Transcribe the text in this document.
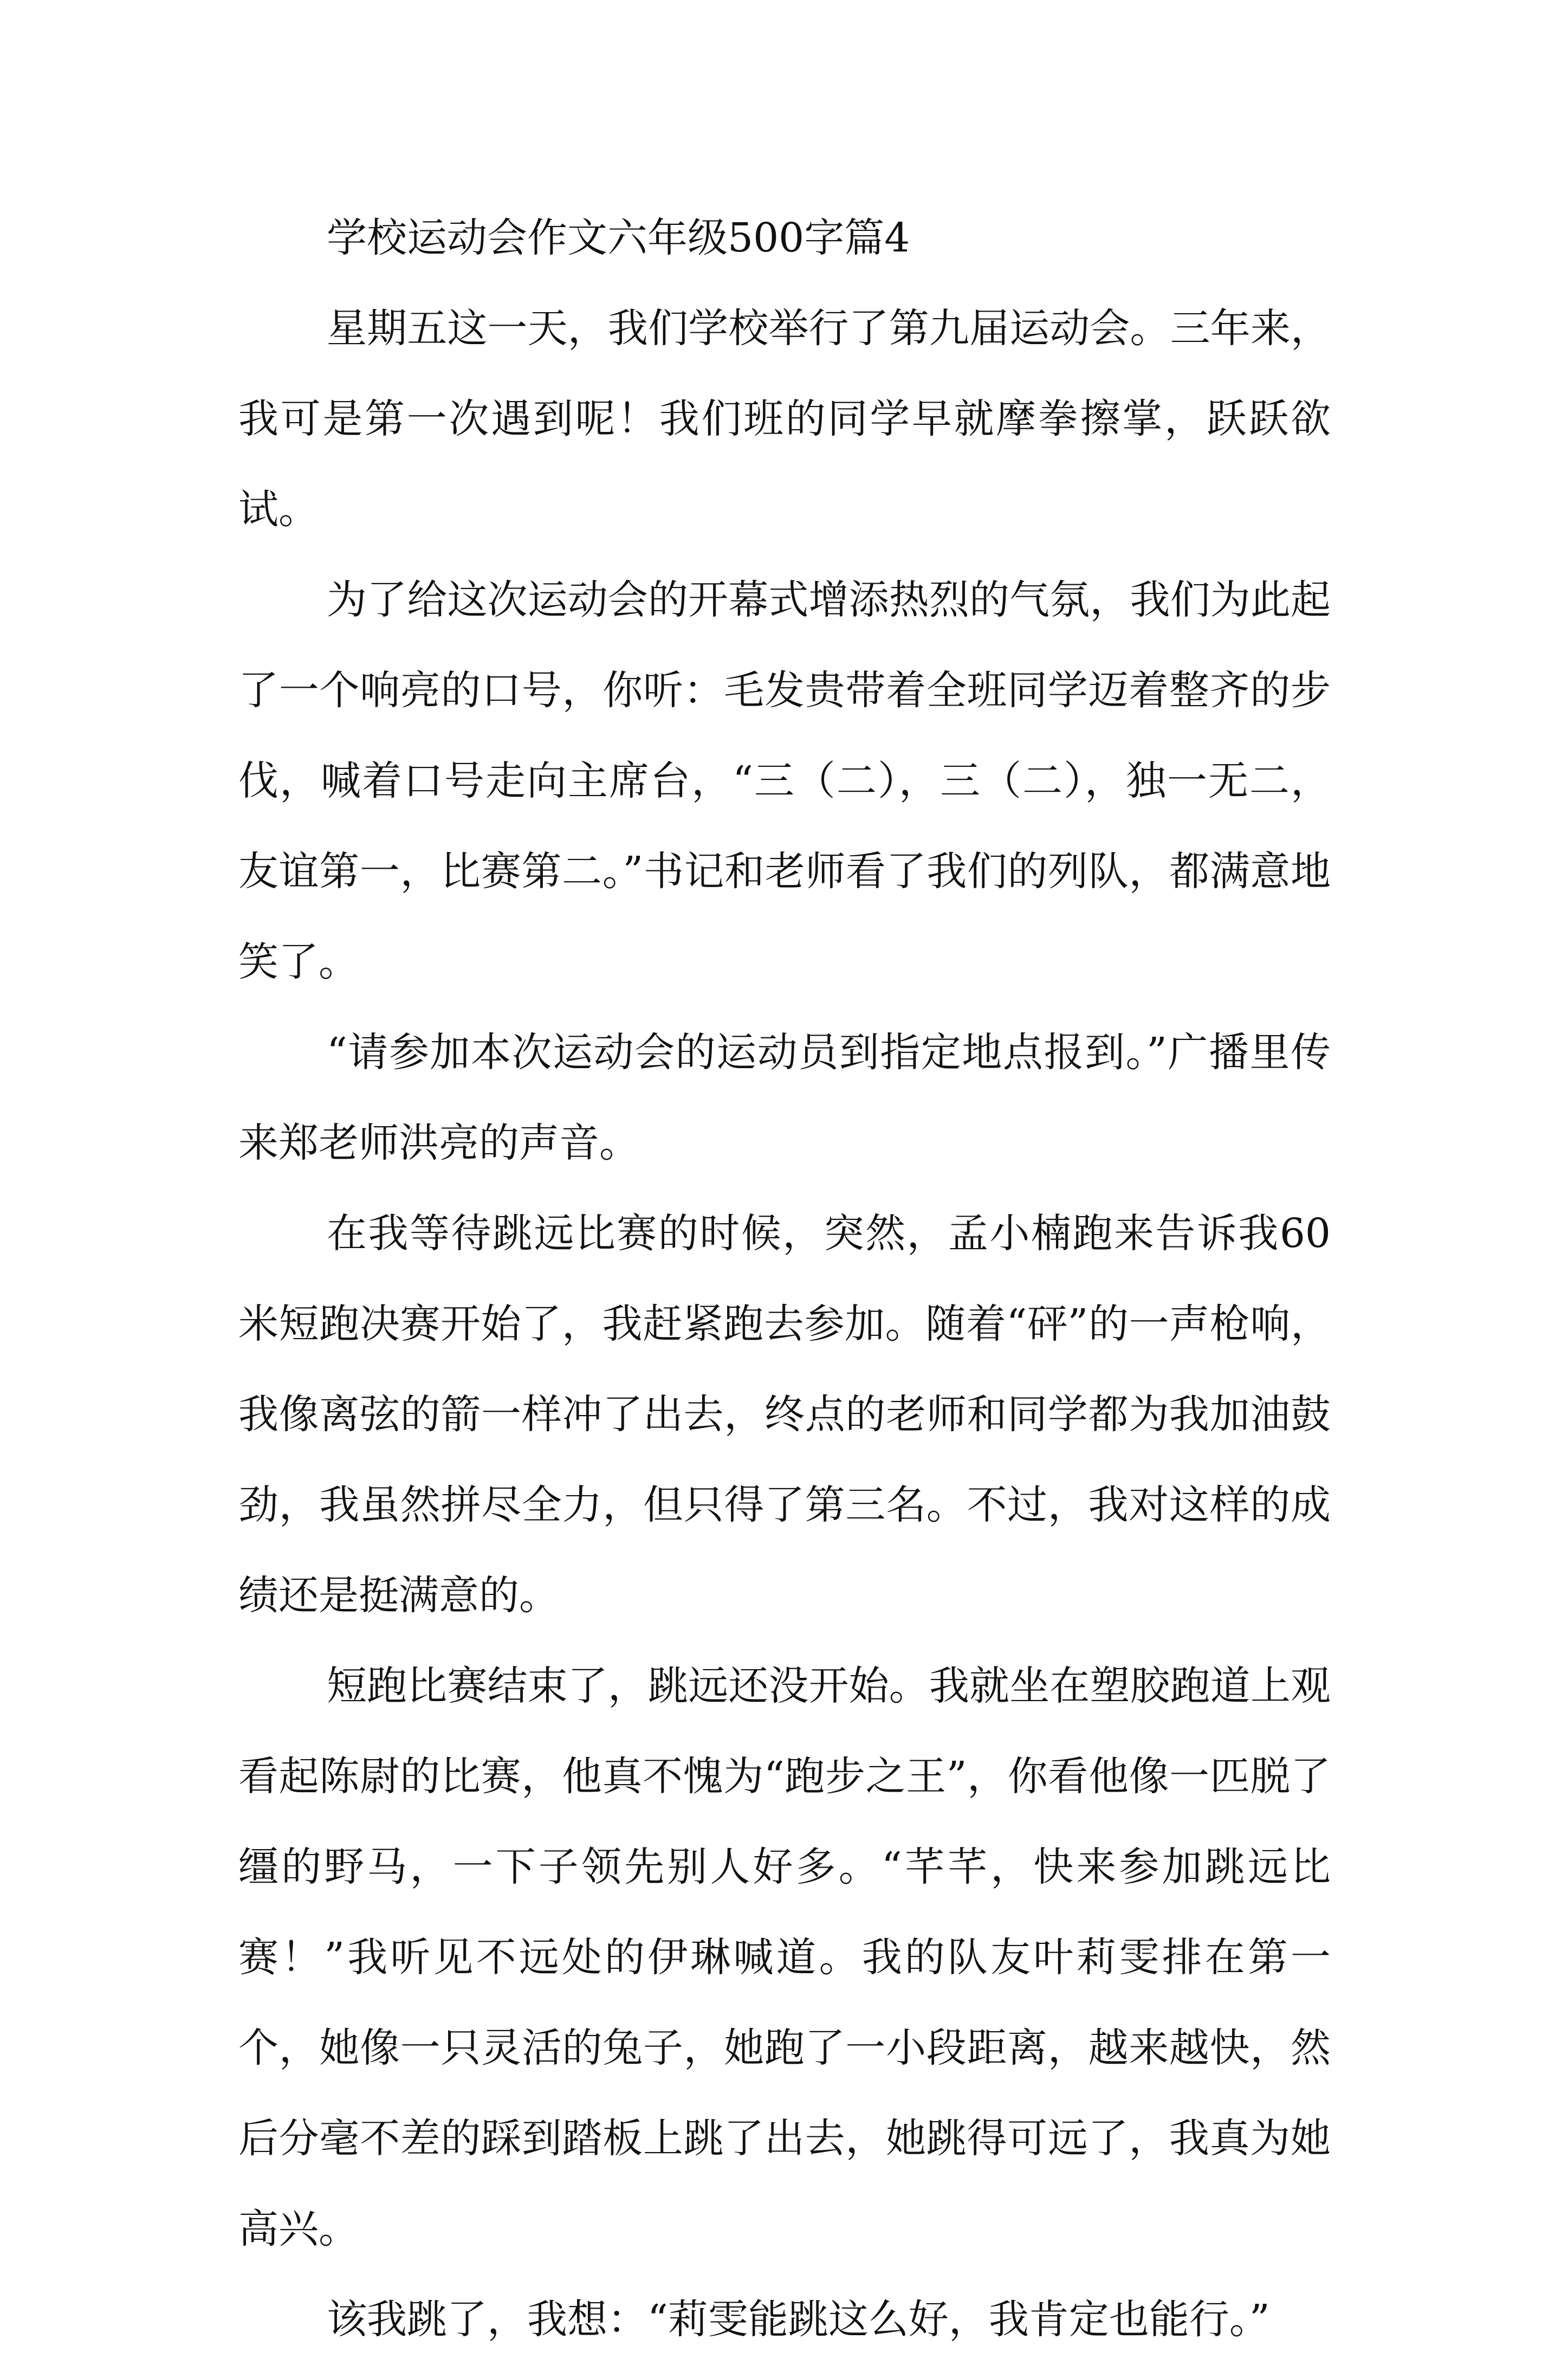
学校运动会作文六年级500字篇4

星期五这一天，我们学校举行了第九届运动会。三年来，我可是第一次遇到呢！我们班的同学早就摩拳擦掌，跃跃欲试。

为了给这次运动会的开幕式增添热烈的气氛，我们为此起了一个响亮的口号，你听：毛发贵带着全班同学迈着整齐的步伐，喊着口号走向主席台，“三（二），三（二），独一无二，友谊第一，比赛第二。”书记和老师看了我们的列队，都满意地笑了。

“请参加本次运动会的运动员到指定地点报到。”广播里传来郑老师洪亮的声音。

在我等待跳远比赛的时候，突然，孟小楠跑来告诉我60米短跑决赛开始了，我赶紧跑去参加。随着“砰”的一声枪响，我像离弦的箭一样冲了出去，终点的老师和同学都为我加油鼓劲，我虽然拼尽全力，但只得了第三名。不过，我对这样的成绩还是挺满意的。

短跑比赛结束了，跳远还没开始。我就坐在塑胶跑道上观看起陈尉的比赛，他真不愧为“跑步之王”，你看他像一匹脱了缰的野马，一下子领先别人好多。“芊芊，快来参加跳远比赛！”我听见不远处的伊琳喊道。我的队友叶莉雯排在第一个，她像一只灵活的兔子，她跑了一小段距离，越来越快，然后分毫不差的踩到踏板上跳了出去，她跳得可远了，我真为她高兴。

该我跳了，我想：“莉雯能跳这么好，我肯定也能行。”
